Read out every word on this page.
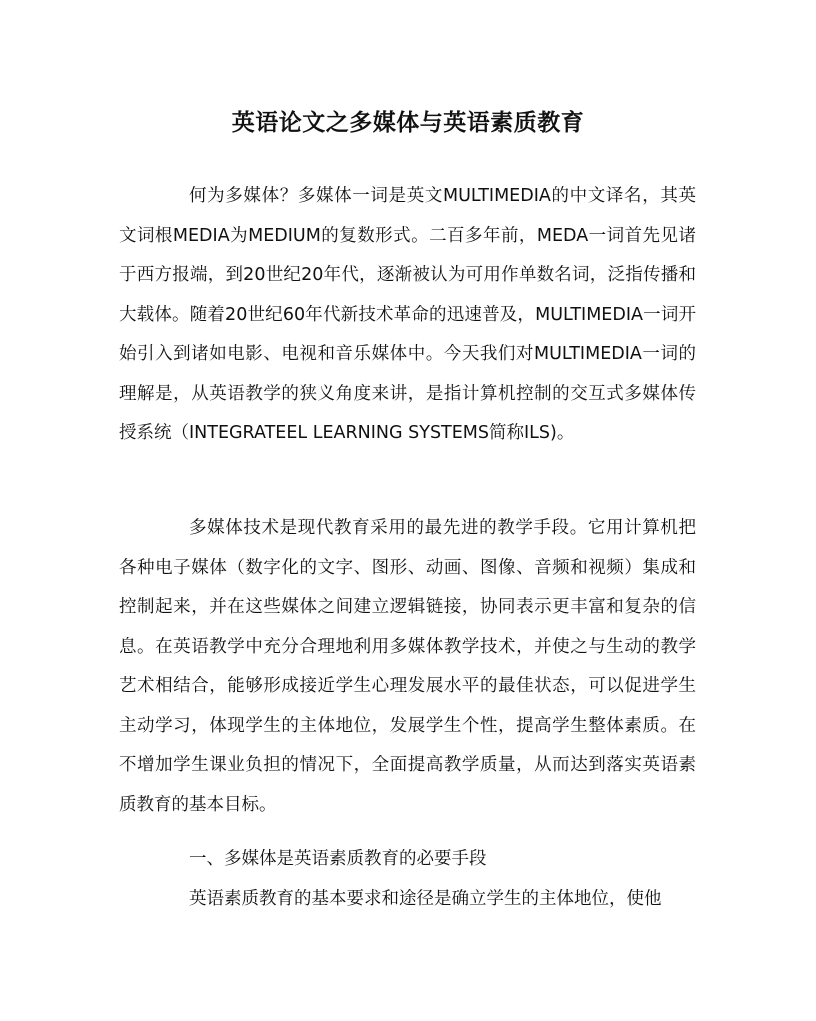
英语论文之多媒体与英语素质教育

何为多媒体？多媒体一词是英文MULTIMEDIA的中文译名，其英文词根MEDIA为MEDIUM的复数形式。二百多年前，MEDA一词首先见诸于西方报端，到20世纪20年代，逐渐被认为可用作单数名词，泛指传播和大载体。随着20世纪60年代新技术革命的迅速普及，MULTIMEDIA一词开始引入到诸如电影、电视和音乐媒体中。今天我们对MULTIMEDIA一词的理解是，从英语教学的狭义角度来讲，是指计算机控制的交互式多媒体传授系统（INTEGRATEEL LEARNING SYSTEMS简称ILS)。

多媒体技术是现代教育采用的最先进的教学手段。它用计算机把各种电子媒体（数字化的文字、图形、动画、图像、音频和视频）集成和控制起来，并在这些媒体之间建立逻辑链接，协同表示更丰富和复杂的信息。在英语教学中充分合理地利用多媒体教学技术，并使之与生动的教学艺术相结合，能够形成接近学生心理发展水平的最佳状态，可以促进学生主动学习，体现学生的主体地位，发展学生个性，提高学生整体素质。在不增加学生课业负担的情况下，全面提高教学质量，从而达到落实英语素质教育的基本目标。

一、多媒体是英语素质教育的必要手段

英语素质教育的基本要求和途径是确立学生的主体地位，使他
